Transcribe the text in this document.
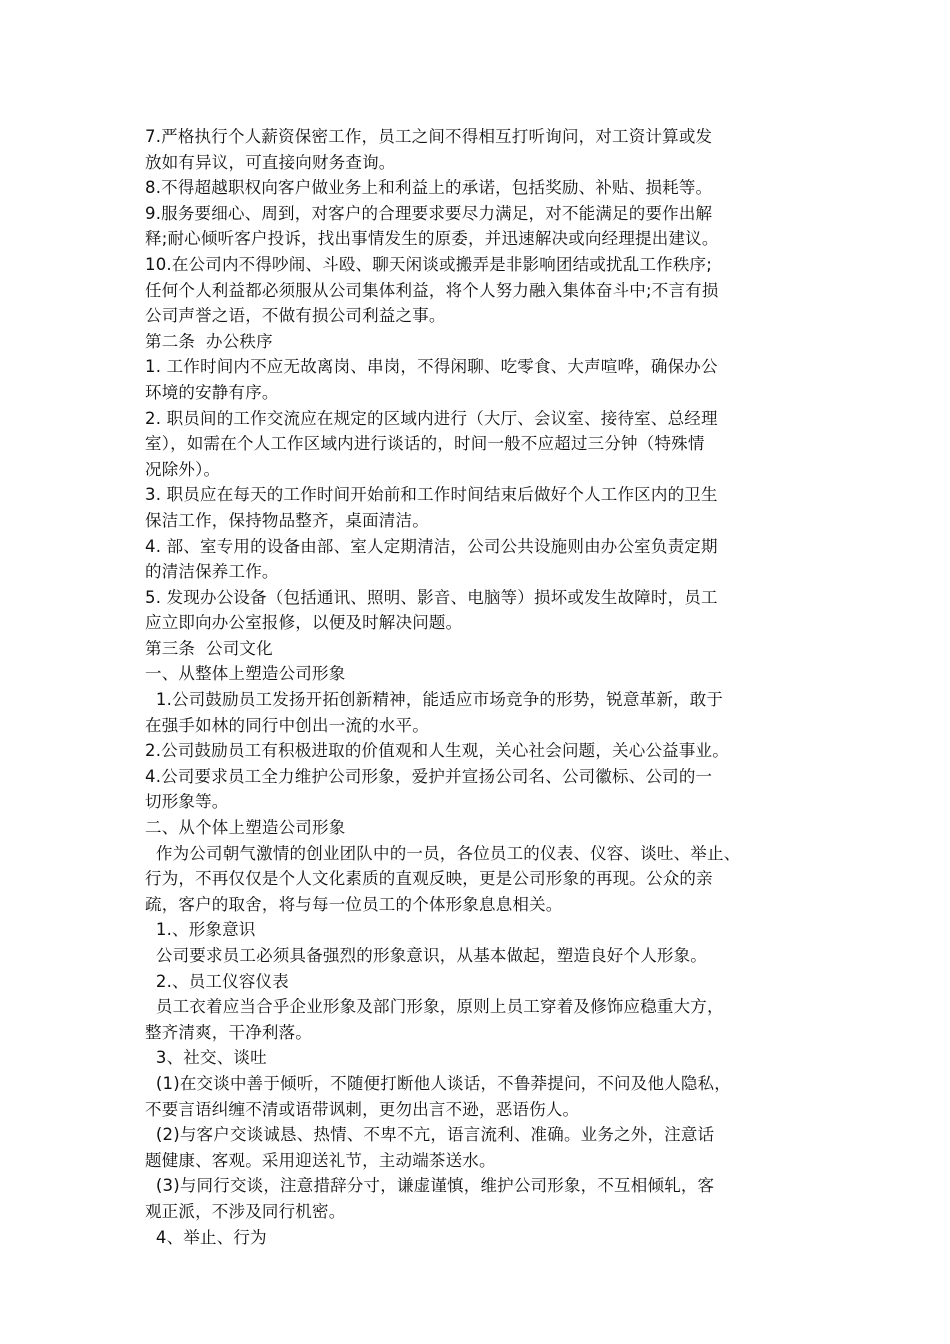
7.严格执行个人薪资保密工作，员工之间不得相互打听询问，对工资计算或发
放如有异议，可直接向财务查询。
8.不得超越职权向客户做业务上和利益上的承诺，包括奖励、补贴、损耗等。
9.服务要细心、周到，对客户的合理要求要尽力满足，对不能满足的要作出解
释;耐心倾听客户投诉，找出事情发生的原委，并迅速解决或向经理提出建议。
10.在公司内不得吵闹、斗殴、聊天闲谈或搬弄是非影响团结或扰乱工作秩序;
任何个人利益都必须服从公司集体利益，将个人努力融入集体奋斗中;不言有损
公司声誉之语，不做有损公司利益之事。
第二条  办公秩序
1. 工作时间内不应无故离岗、串岗，不得闲聊、吃零食、大声喧哗，确保办公
环境的安静有序。
2. 职员间的工作交流应在规定的区域内进行（大厅、会议室、接待室、总经理
室），如需在个人工作区域内进行谈话的，时间一般不应超过三分钟（特殊情
况除外）。
3. 职员应在每天的工作时间开始前和工作时间结束后做好个人工作区内的卫生
保洁工作，保持物品整齐，桌面清洁。
4. 部、室专用的设备由部、室人定期清洁，公司公共设施则由办公室负责定期
的清洁保养工作。
5. 发现办公设备（包括通讯、照明、影音、电脑等）损坏或发生故障时，员工
应立即向办公室报修，以便及时解决问题。
第三条  公司文化
一、从整体上塑造公司形象
1.公司鼓励员工发扬开拓创新精神，能适应市场竞争的形势，锐意革新，敢于
在强手如林的同行中创出一流的水平。
2.公司鼓励员工有积极进取的价值观和人生观，关心社会问题，关心公益事业。
4.公司要求员工全力维护公司形象，爱护并宣扬公司名、公司徽标、公司的一
切形象等。
二、从个体上塑造公司形象
作为公司朝气激情的创业团队中的一员，各位员工的仪表、仪容、谈吐、举止、
行为，不再仅仅是个人文化素质的直观反映，更是公司形象的再现。公众的亲
疏，客户的取舍，将与每一位员工的个体形象息息相关。
1.、形象意识
公司要求员工必须具备强烈的形象意识，从基本做起，塑造良好个人形象。
2.、员工仪容仪表
员工衣着应当合乎企业形象及部门形象，原则上员工穿着及修饰应稳重大方，
整齐清爽，干净利落。
3、社交、谈吐
(1)在交谈中善于倾听，不随便打断他人谈话，不鲁莽提问，不问及他人隐私，
不要言语纠缠不清或语带讽刺，更勿出言不逊，恶语伤人。
(2)与客户交谈诚恳、热情、不卑不亢，语言流利、准确。业务之外，注意话
题健康、客观。采用迎送礼节，主动端茶送水。
(3)与同行交谈，注意措辞分寸，谦虚谨慎，维护公司形象，不互相倾轧，客
观正派，不涉及同行机密。
4、举止、行为
